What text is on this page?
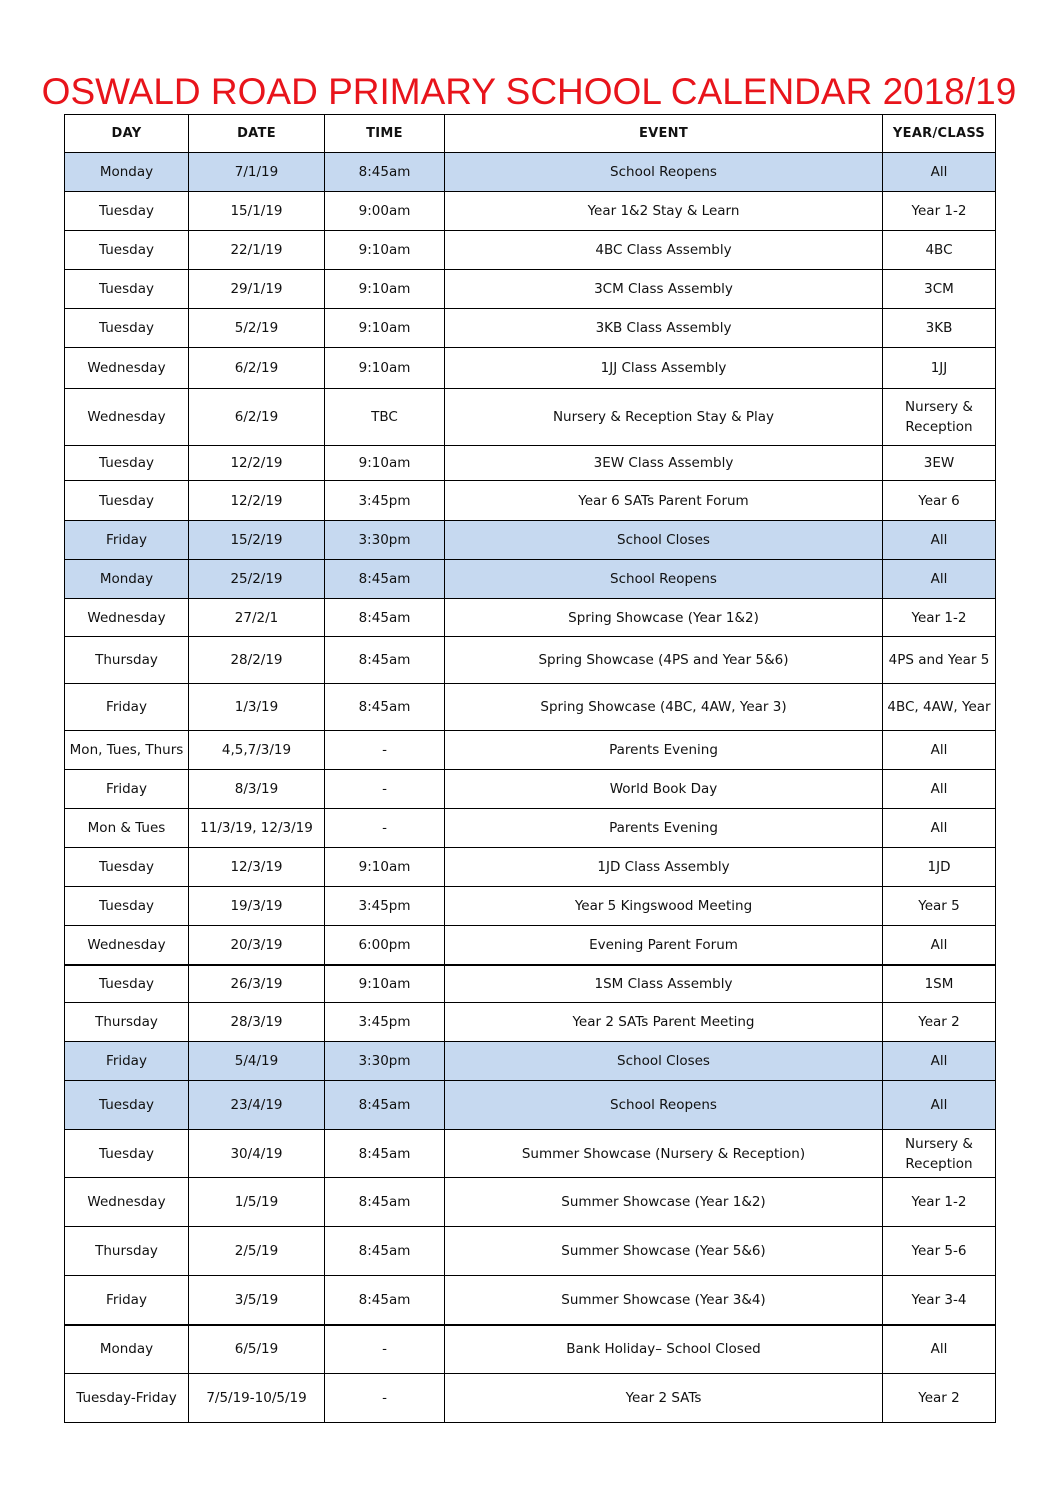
OSWALD ROAD PRIMARY SCHOOL CALENDAR 2018/19
DAY	DATE	TIME	EVENT	YEAR/CLASS
Monday	7/1/19	8:45am	School Reopens	All
Tuesday	15/1/19	9:00am	Year 1&2 Stay & Learn	Year 1-2
Tuesday	22/1/19	9:10am	4BC Class Assembly	4BC
Tuesday	29/1/19	9:10am	3CM Class Assembly	3CM
Tuesday	5/2/19	9:10am	3KB Class Assembly	3KB
Wednesday	6/2/19	9:10am	1JJ Class Assembly	1JJ
Wednesday	6/2/19	TBC	Nursery & Reception Stay & Play	Nursery & Reception
Tuesday	12/2/19	9:10am	3EW Class Assembly	3EW
Tuesday	12/2/19	3:45pm	Year 6 SATs Parent Forum	Year 6
Friday	15/2/19	3:30pm	School Closes	All
Monday	25/2/19	8:45am	School Reopens	All
Wednesday	27/2/1	8:45am	Spring Showcase (Year 1&2)	Year 1-2
Thursday	28/2/19	8:45am	Spring Showcase (4PS and Year 5&6)	4PS and Year 5
Friday	1/3/19	8:45am	Spring Showcase (4BC, 4AW, Year 3)	4BC, 4AW, Year
Mon, Tues, Thurs	4,5,7/3/19	-	Parents Evening	All
Friday	8/3/19	-	World Book Day	All
Mon & Tues	11/3/19, 12/3/19	-	Parents Evening	All
Tuesday	12/3/19	9:10am	1JD Class Assembly	1JD
Tuesday	19/3/19	3:45pm	Year 5 Kingswood Meeting	Year 5
Wednesday	20/3/19	6:00pm	Evening Parent Forum	All
Tuesday	26/3/19	9:10am	1SM Class Assembly	1SM
Thursday	28/3/19	3:45pm	Year 2 SATs Parent Meeting	Year 2
Friday	5/4/19	3:30pm	School Closes	All
Tuesday	23/4/19	8:45am	School Reopens	All
Tuesday	30/4/19	8:45am	Summer Showcase (Nursery & Reception)	Nursery & Reception
Wednesday	1/5/19	8:45am	Summer Showcase (Year 1&2)	Year 1-2
Thursday	2/5/19	8:45am	Summer Showcase (Year 5&6)	Year 5-6
Friday	3/5/19	8:45am	Summer Showcase (Year 3&4)	Year 3-4
Monday	6/5/19	-	Bank Holiday– School Closed	All
Tuesday-Friday	7/5/19-10/5/19	-	Year 2 SATs	Year 2
